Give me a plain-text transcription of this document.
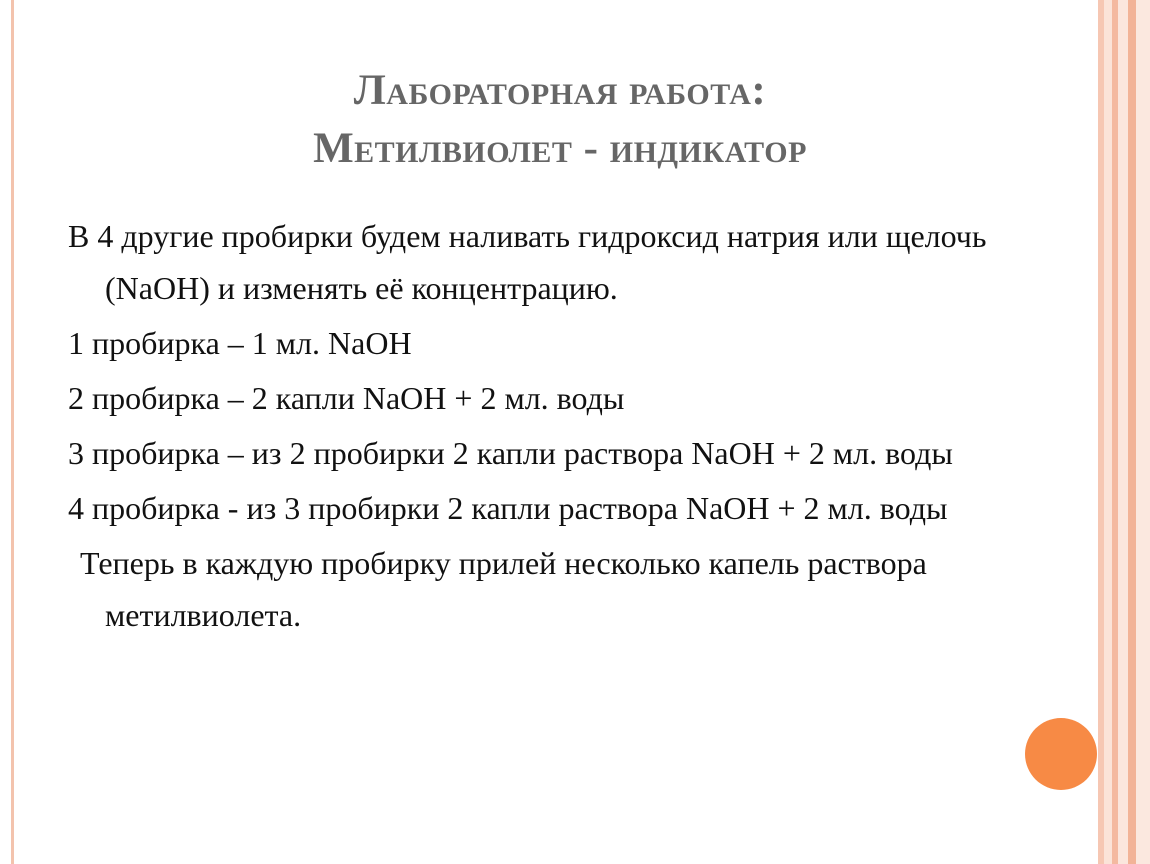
Лабораторная работа:
Метилвиолет - индикатор

В 4 другие пробирки будем наливать гидроксид натрия или щелочь (NaOH) и изменять её концентрацию.

1 пробирка – 1 мл. NaOH

2 пробирка – 2 капли NaOH + 2 мл. воды

3 пробирка – из 2 пробирки 2 капли раствора NaOH + 2 мл. воды

4 пробирка - из 3 пробирки 2 капли раствора NaOH + 2 мл. воды

Теперь в каждую пробирку прилей несколько капель раствора метилвиолета.
